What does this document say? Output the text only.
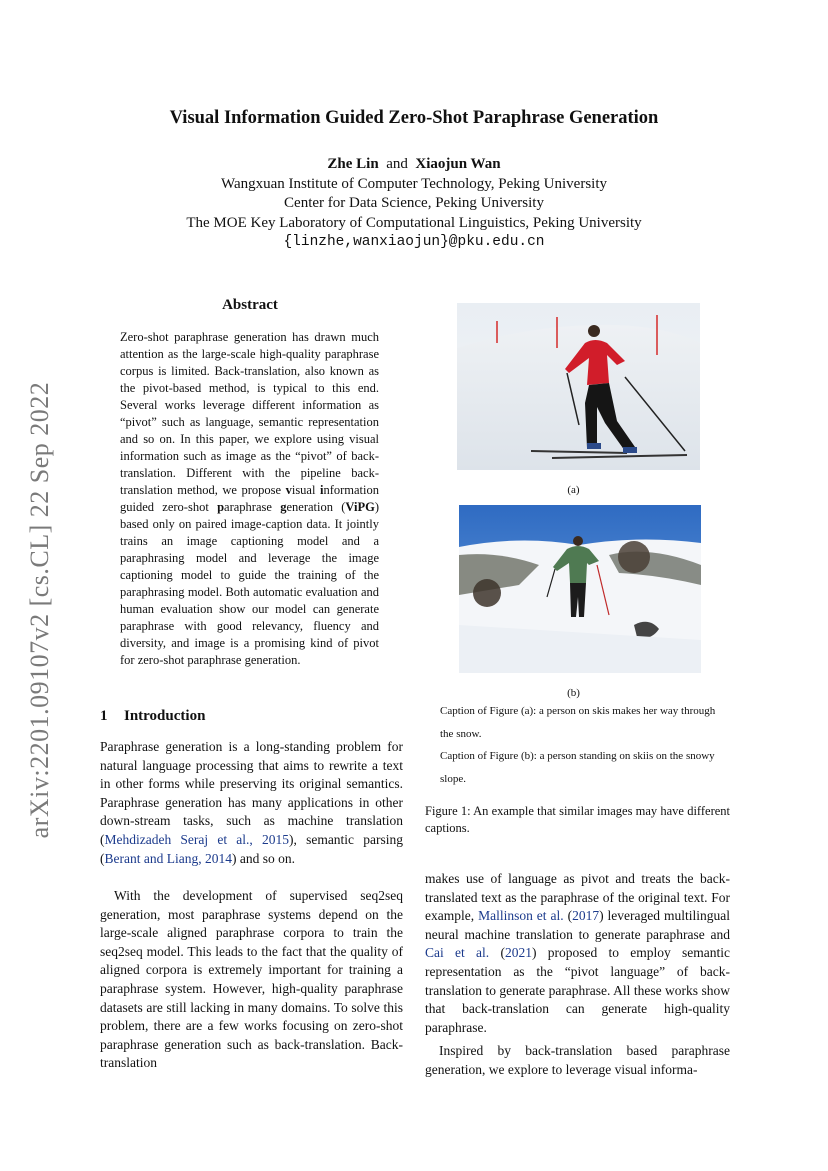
arXiv:2201.09107v2 [cs.CL] 22 Sep 2022
Visual Information Guided Zero-Shot Paraphrase Generation
Zhe Lin and Xiaojun Wan
Wangxuan Institute of Computer Technology, Peking University
Center for Data Science, Peking University
The MOE Key Laboratory of Computational Linguistics, Peking University
{linzhe,wanxiaojun}@pku.edu.cn
Abstract
Zero-shot paraphrase generation has drawn much attention as the large-scale high-quality paraphrase corpus is limited. Back-translation, also known as the pivot-based method, is typical to this end. Several works leverage different information as “pivot” such as language, semantic representation and so on. In this paper, we explore using visual information such as image as the “pivot” of back-translation. Different with the pipeline back-translation method, we propose visual information guided zero-shot paraphrase generation (ViPG) based only on paired image-caption data. It jointly trains an image captioning model and a paraphrasing model and leverage the image captioning model to guide the training of the paraphrasing model. Both automatic evaluation and human evaluation show our model can generate paraphrase with good relevancy, fluency and diversity, and image is a promising kind of pivot for zero-shot paraphrase generation.
1 Introduction
Paraphrase generation is a long-standing problem for natural language processing that aims to rewrite a text in other forms while preserving its original semantics. Paraphrase generation has many applications in other down-stream tasks, such as machine translation (Mehdizadeh Seraj et al., 2015), semantic parsing (Berant and Liang, 2014) and so on.
With the development of supervised seq2seq generation, most paraphrase systems depend on the large-scale aligned paraphrase corpora to train the seq2seq model. This leads to the fact that the quality of aligned corpora is extremely important for training a paraphrase system. However, high-quality paraphrase datasets are still lacking in many domains. To solve this problem, there are a few works focusing on zero-shot paraphrase generation such as back-translation. Back-translation
(a)
(b)
Caption of Figure (a): a person on skis makes her way through the snow.
Caption of Figure (b): a person standing on skiis on the snowy slope.
Figure 1: An example that similar images may have different captions.
makes use of language as pivot and treats the back-translated text as the paraphrase of the original text. For example, Mallinson et al. (2017) leveraged multilingual neural machine translation to generate paraphrase and Cai et al. (2021) proposed to employ semantic representation as the “pivot language” of back-translation to generate paraphrase. All these works show that back-translation can generate high-quality paraphrase.
Inspired by back-translation based paraphrase generation, we explore to leverage visual informa-
